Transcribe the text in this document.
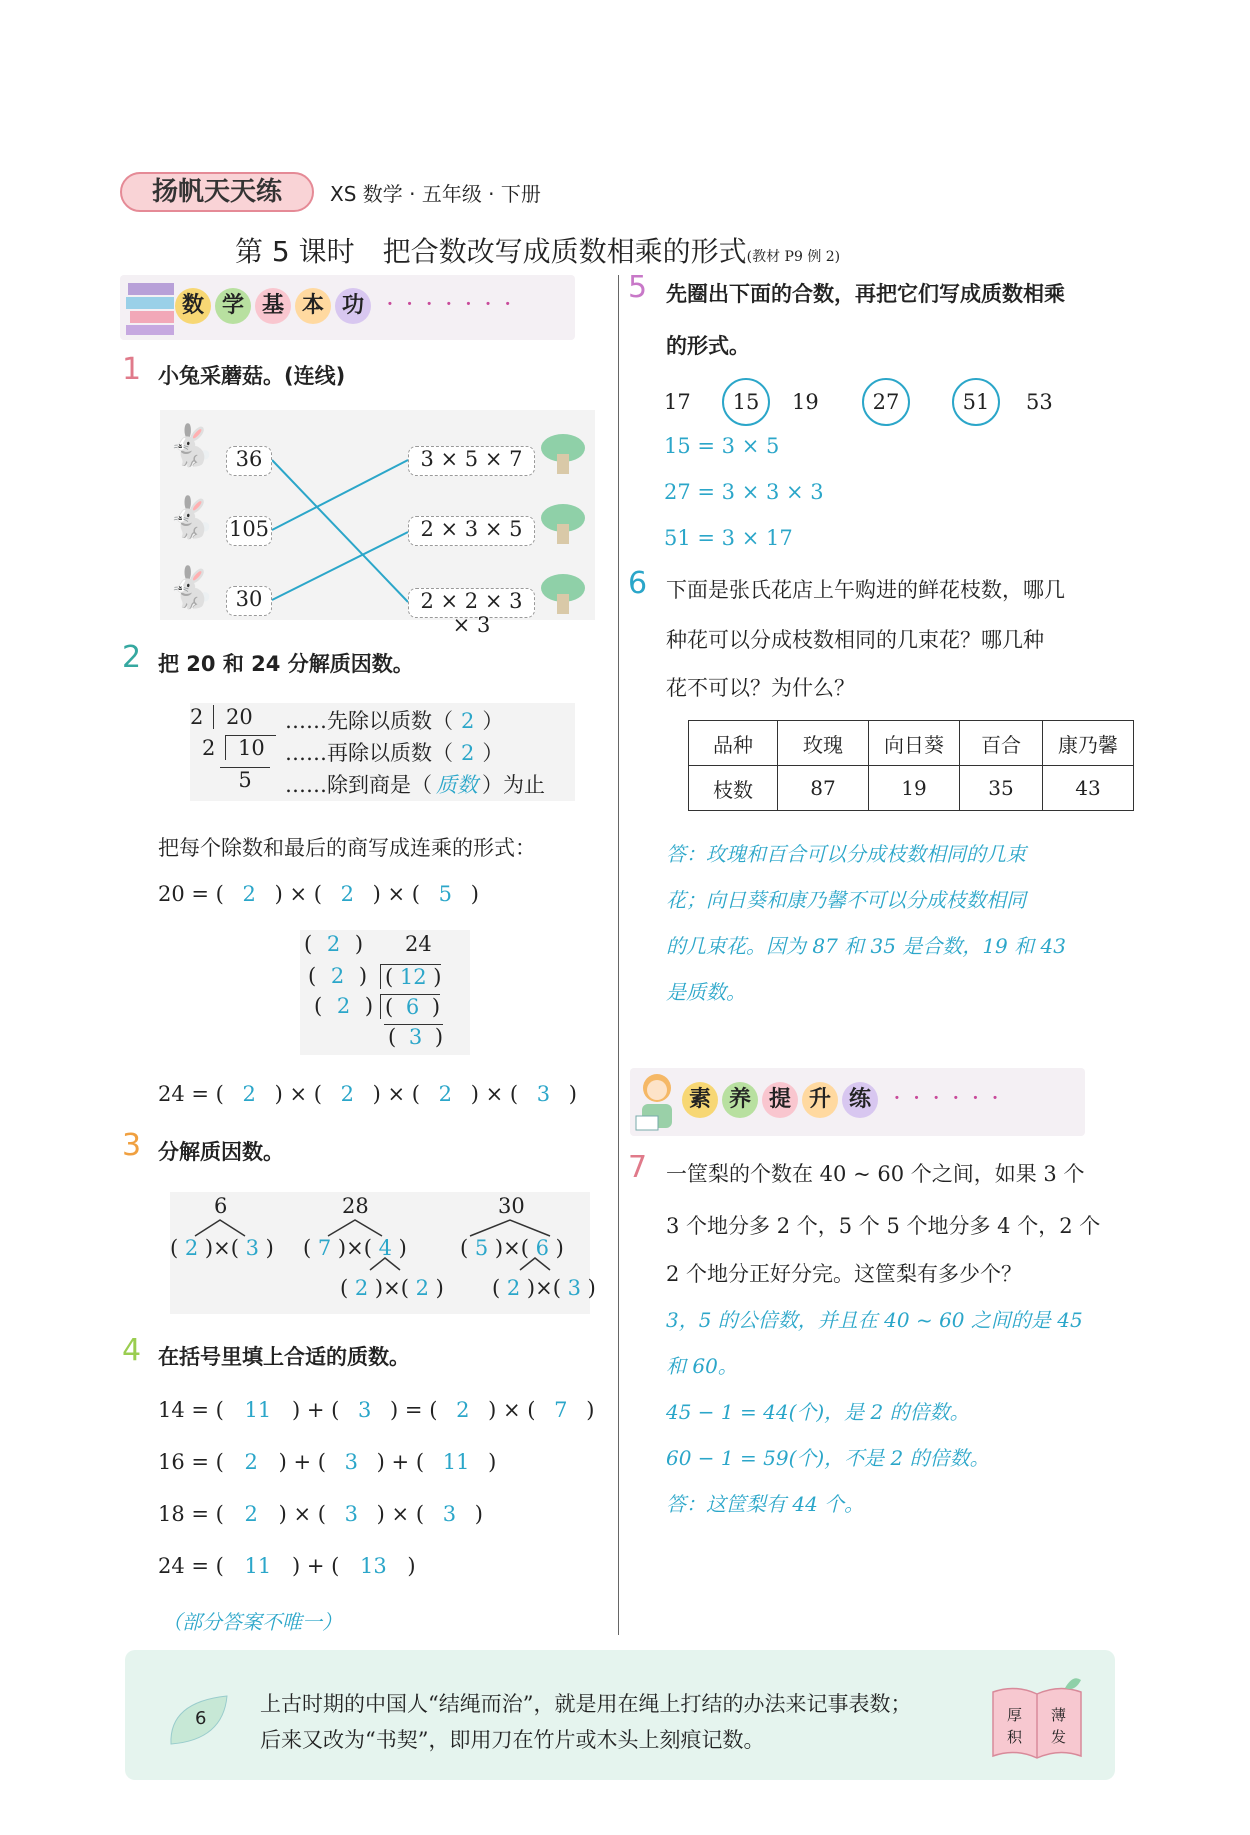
扬帆天天练	XS 数学 · 五年级 · 下册
第 5 课时　把合数改写成质数相乘的形式(教材 P9 例 2)
数 学 基 本 功 ·······
1 小兔采蘑菇。(连线)
🐇
🐇
🐇
36
105
30
3 × 5 × 7
2 × 3 × 5
2 × 2 × 3 × 3
2 把 20 和 24 分解质因数。
2 20
2 10
5
……先除以质数（ 2 ）
……再除以质数（ 2 ）
……除到商是（ 质数 ）为止
把每个除数和最后的商写成连乘的形式：
20 = ( 2 ) × ( 2 ) × ( 5 )
24
( 2 )
( 2 )
( 2 )
( 12 )
( 6 )
( 3 )
24 = ( 2 ) × ( 2 ) × ( 2 ) × ( 3 )
3 分解质因数。
6
( 2 )×( 3 )
28
( 7 )×( 4 )
( 2 )×( 2 )
30
( 5 )×( 6 )
( 2 )×( 3 )
4 在括号里填上合适的质数。
14 = ( 11 ) + ( 3 ) = ( 2 ) × ( 7 )
16 = ( 2 ) + ( 3 ) + ( 11 )
18 = ( 2 ) × ( 3 ) × ( 3 )
24 = ( 11 ) + ( 13 )
（部分答案不唯一）
5 先圈出下面的合数，再把它们写成质数相乘
的形式。
17 15 19	27	51 53
15 = 3 × 5
27 = 3 × 3 × 3
51 = 3 × 17
6 下面是张氏花店上午购进的鲜花枝数，哪几
种花可以分成枝数相同的几束花？哪几种
花不可以？为什么？
品种	玫瑰	向日葵	百合	康乃馨
枝数	87	19	35	43
答：玫瑰和百合可以分成枝数相同的几束
花；向日葵和康乃馨不可以分成枝数相同
的几束花。因为 87 和 35 是合数，19 和 43
是质数。
素 养 提 升 练 ······
7 一筐梨的个数在 40 ~ 60 个之间，如果 3 个
3 个地分多 2 个，5 个 5 个地分多 4 个，2 个
2 个地分正好分完。这筐梨有多少个？
3，5 的公倍数，并且在 40 ~ 60 之间的是 45
和 60。
45 − 1 = 44(个)，是 2 的倍数。
60 − 1 = 59(个)，不是 2 的倍数。
答：这筐梨有 44 个。
6
上古时期的中国人“结绳而治”，就是用在绳上打结的办法来记事表数；
后来又改为“书契”，即用刀在竹片或木头上刻痕记数。
厚 薄
积 发
